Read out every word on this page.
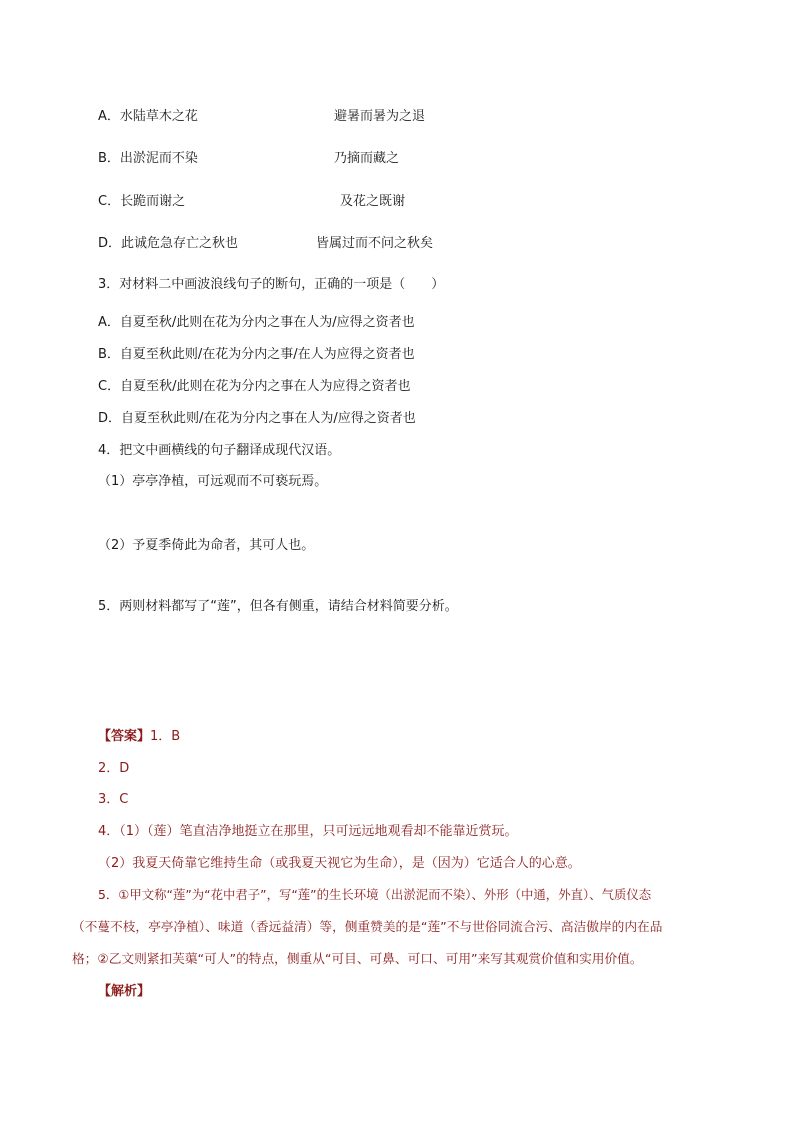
A．水陆草木之花	避暑而暑为之退
B．出淤泥而不染	乃摘而藏之
C．长跪而谢之	及花之既谢
D．此诚危急存亡之秋也	皆属过而不问之秋矣
3．对材料二中画波浪线句子的断句，正确的一项是（　　）
A．自夏至秋/此则在花为分内之事在人为/应得之资者也
B．自夏至秋此则/在花为分内之事/在人为应得之资者也
C．自夏至秋/此则在花为分内之事在人为应得之资者也
D．自夏至秋此则/在花为分内之事在人为/应得之资者也
4．把文中画横线的句子翻译成现代汉语。
（1）亭亭净植，可远观而不可亵玩焉。
（2）予夏季倚此为命者，其可人也。
5．两则材料都写了“莲”，但各有侧重，请结合材料简要分析。
【答案】1．B
2．D
3．C
4．（1）（莲）笔直洁净地挺立在那里，只可远远地观看却不能靠近赏玩。
（2）我夏天倚靠它维持生命（或我夏天视它为生命），是（因为）它适合人的心意。
5．①甲文称“莲”为“花中君子”，写“莲”的生长环境（出淤泥而不染）、外形（中通，外直）、气质仪态
（不蔓不枝，亭亭净植）、味道（香远益清）等，侧重赞美的是“莲”不与世俗同流合污、高洁傲岸的内在品
格；②乙文则紧扣芙蕖“可人”的特点，侧重从“可目、可鼻、可口、可用”来写其观赏价值和实用价值。
【解析】
